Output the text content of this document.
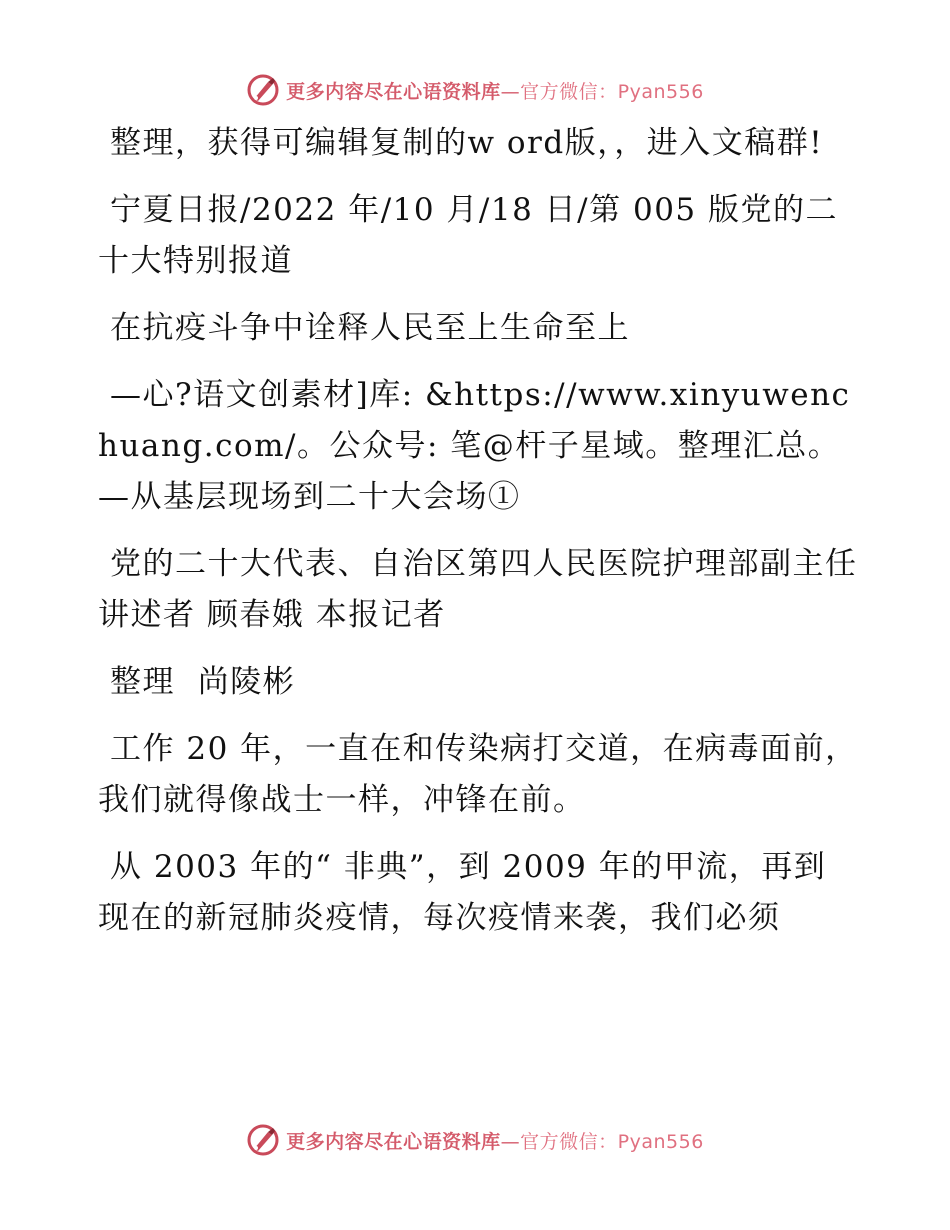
更多内容尽在心语资料库—官方微信：Pyan556

整理，获得可编辑复制的w ord版，，进入文稿群!

宁夏日报/2022 年/10 月/18 日/第 005 版党的二十大特别报道

在抗疫斗争中诠释人民至上生命至上

—心?语文创素材]库: &https://www.xinyuwenchuang.com/。公众号: 笔@杆子星域。整理汇总。—从基层现场到二十大会场①

党的二十大代表、自治区第四人民医院护理部副主任 讲述者 顾春娥 本报记者

整理  尚陵彬

工作 20 年，一直在和传染病打交道，在病毒面前，我们就得像战士一样，冲锋在前。

从 2003 年的“ 非典”，到 2009 年的甲流，再到现在的新冠肺炎疫情，每次疫情来袭，我们必须

更多内容尽在心语资料库—官方微信：Pyan556
